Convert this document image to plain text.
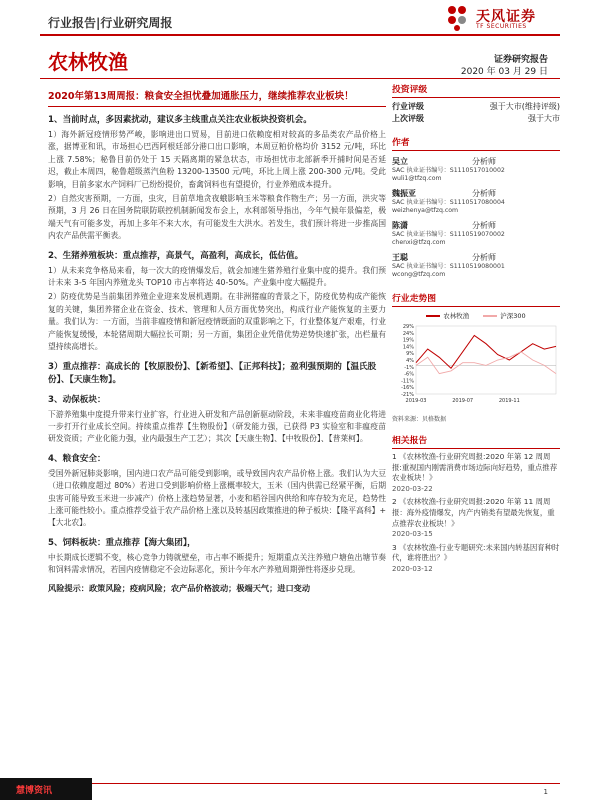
行业报告|行业研究周报	天风证券
TF SECURITIES
农林牧渔	证券研究报告
2020 年 03 月 29 日
2020年第13周周报：粮食安全担忧叠加通胀压力，继续推荐农业板块！
1、当前时点，多因素扰动，建议多主线重点关注农业板块投资机会。
1）海外新冠疫情形势严峻，影响进出口贸易，目前进口依赖度相对较高的多品类农产品价格上涨，据博亚和讯，市场担心巴西阿根廷部分港口出口影响，本周豆粕价格均价 3152 元/吨，环比上涨 7.58%；秘鲁目前仍处于 15 天隔离期的紧急状态，市场担忧市北部新季开捕时间是否延迟，截止本周四，秘鲁超级蒸汽鱼粉 13200-13500 元/吨，环比上周上涨 200-300 元/吨。受此影响，目前多家水产饲料厂已纷纷提价，畜禽饲料也有望提价，行业养殖成本提升。
2）自然灾害预期，一方面，虫灾，目前草地贪夜蛾影响玉米等粮食作物生产；另一方面，洪灾等预期，3 月 26 日在国务院联防联控机制新闻发布会上，水利部领导指出，今年气候年景偏差，极端天气有可能多发，再加上多年不来大水，有可能发生大洪水。若发生，我们预计将进一步推高国内农产品供需平衡表。
2、生猪养殖板块：重点推荐，高景气，高盈利，高成长，低估值。
1）从未来竞争格局来看，每一次大的疫情爆发后，就会加速生猪养殖行业集中度的提升。我们预计未来 3-5 年国内养殖龙头 TOP10 市占率将达 40-50%。产业集中度大幅提升。
2）防疫优势是当前集团养殖企业迎来发展机遇期。在非洲猪瘟的背景之下，防疫优势构成产能恢复的关键，集团养猪企业在资金、技术、管理和人员方面优势突出，构成行业产能恢复的主要力量。我们认为：一方面，当前非瘟疫情和新冠疫情既面的双重影响之下，行业整体复产艰难，行业产能恢复缓慢，本轮猪周期大幅拉长可期；另一方面，集团企业凭借优势逆势快速扩张，出栏量有望持续高增长。
3）重点推荐：高成长的【牧原股份】、【新希望】、【正邦科技】；盈利强预期的【温氏股份】、【天康生物】。
3、动保板块：
下游养殖集中度提升带来行业扩容，行业进入研发和产品创新驱动阶段，未来非瘟疫苗商业化将进一步打开行业成长空间。持续重点推荐【生物股份】（研发能力强，已获得 P3 实验室和非瘟疫苗研发资质；产业化能力强，业内最强生产工艺）；其次【天康生物】、【中牧股份】、【普莱柯】。
4、粮食安全：
受国外新冠肺炎影响，国内进口农产品可能受到影响，或导致国内农产品价格上涨。我们认为大豆（进口依赖度超过 80%）若进口受到影响价格上涨概率较大，玉米（国内供需已经紧平衡，后期虫害可能导致玉米进一步减产）价格上涨趋势显著，小麦和稻谷国内供给和库存较为充足，趋势性上涨可能性较小。重点推荐受益于农产品价格上涨以及转基因政策推进的种子板块：【隆平高科】+【大北农】。
5、饲料板块：重点推荐【海大集团】，
中长期成长逻辑不变，核心竞争力铸就壁垒，市占率不断提升；短期重点关注养殖户塘鱼出塘节奏和饲料需求情况，若国内疫情稳定不会边际恶化，预计今年水产养殖周期弹性将逐步兑现。
风险提示：政策风险；疫病风险；农产品价格波动；极端天气；进口变动
投资评级
行业评级	强于大市(维持评级)
上次评级	强于大市
作者
吴立	分析师
SAC 执业证书编号：S1110517010002
wuli1@tfzq.com
魏振亚	分析师
SAC 执业证书编号：S1110517080004
weizhenya@tfzq.com
陈潇	分析师
SAC 执业证书编号：S1110519070002
chenxi@tfzq.com
王聪	分析师
SAC 执业证书编号：S1110519080001
wcong@tfzq.com
行业走势图
农林牧渔	沪深300
29%
24%
19%
14%
9%
4%
-1%
-6%
-11%
-16%
-21%
2019-03	2019-07	2019-11
资料来源：贝格数据
相关报告
1 《农林牧渔-行业研究周报:2020 年第 12 周周报:重视国内刚需消费市场边际向好趋势，重点推荐农业板块！》
2020-03-22
2 《农林牧渔-行业研究周报:2020 年第 11 周周报：海外疫情爆发，内产内销类有望最先恢复，重点推荐农业板块！》
2020-03-15
3 《农林牧渔-行业专题研究:未来国内转基因育种时代，谁将胜出？》
2020-03-12
慧博资讯	1
